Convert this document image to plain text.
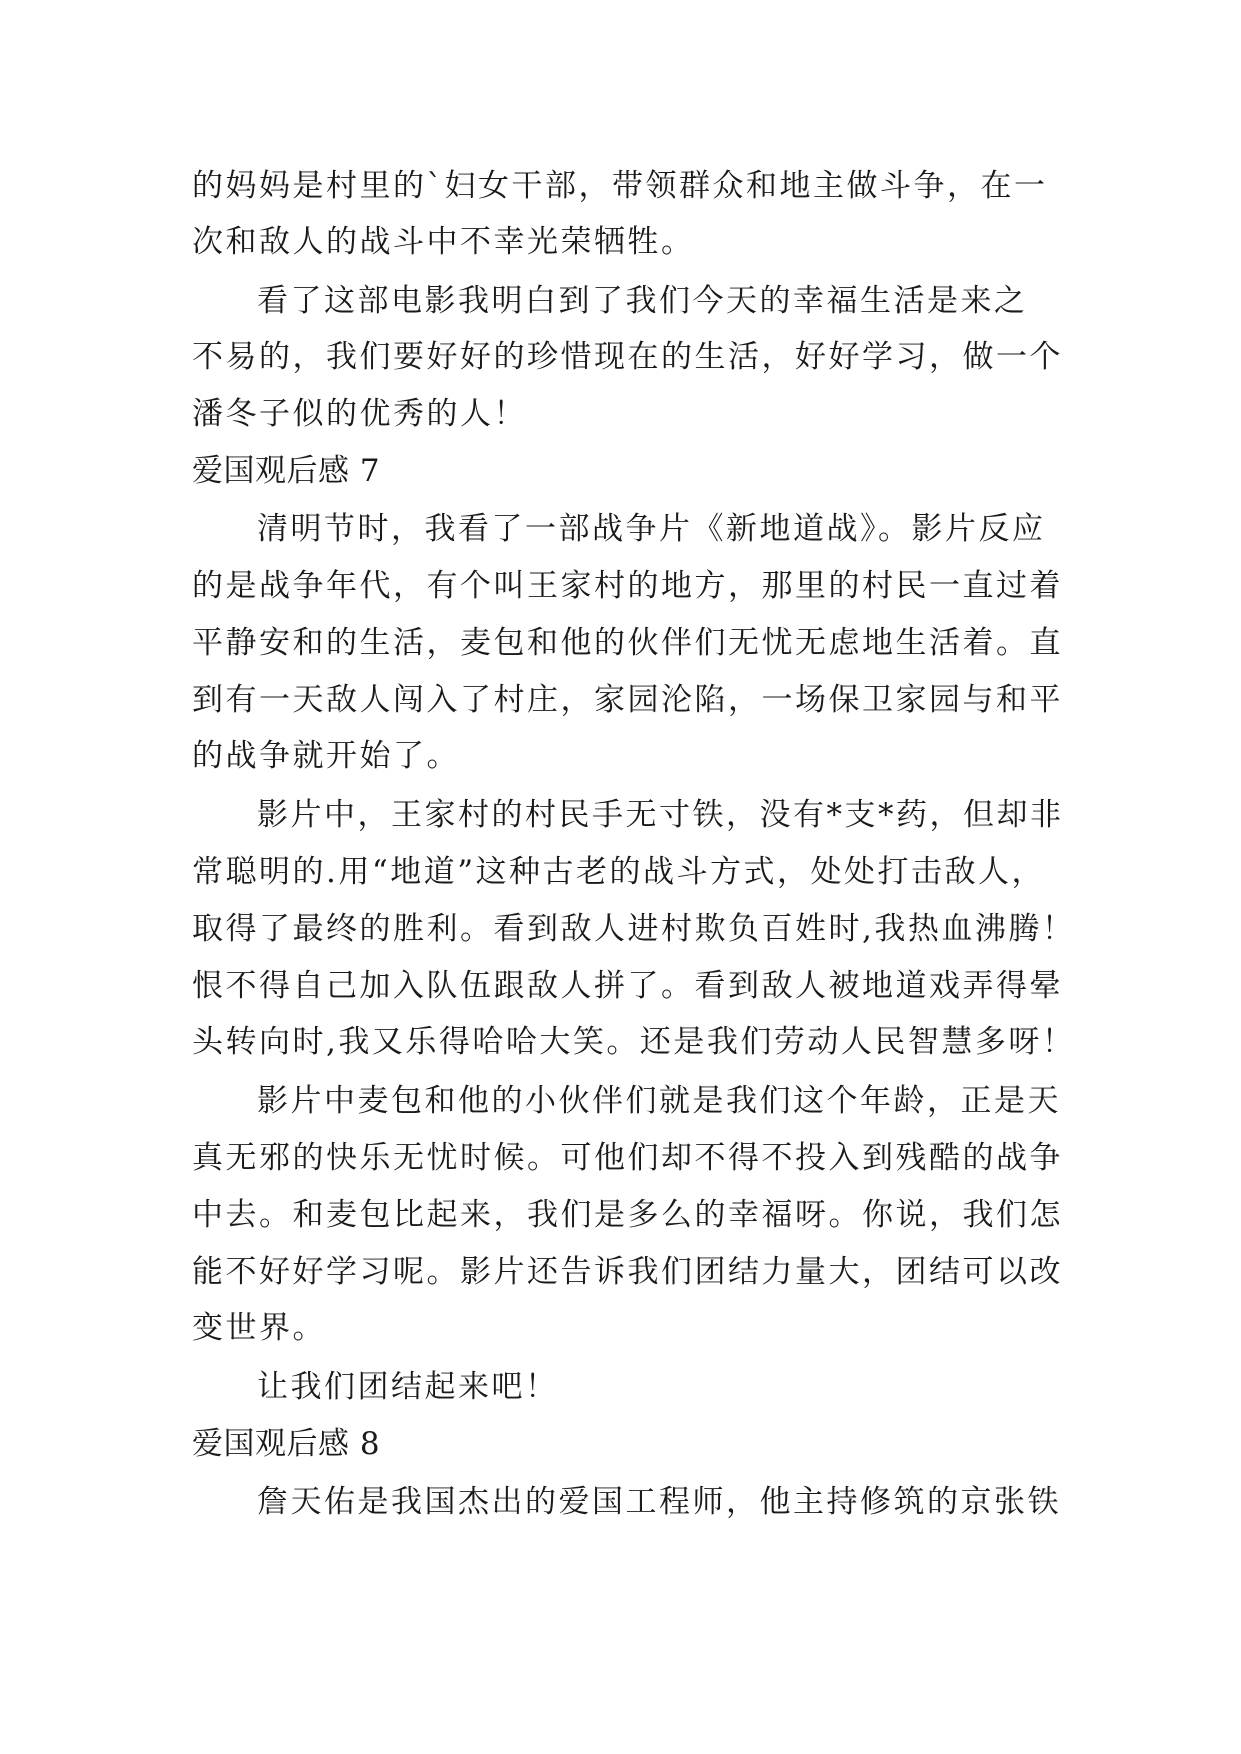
的妈妈是村里的`妇女干部，带领群众和地主做斗争，在一
次和敌人的战斗中不幸光荣牺牲。
看了这部电影我明白到了我们今天的幸福生活是来之
不易的，我们要好好的珍惜现在的生活，好好学习，做一个
潘冬子似的优秀的人！
爱国观后感 7
清明节时，我看了一部战争片《新地道战》。影片反应
的是战争年代，有个叫王家村的地方，那里的村民一直过着
平静安和的生活，麦包和他的伙伴们无忧无虑地生活着。直
到有一天敌人闯入了村庄，家园沦陷，一场保卫家园与和平
的战争就开始了。
影片中，王家村的村民手无寸铁，没有*支*药，但却非
常聪明的.用“地道”这种古老的战斗方式，处处打击敌人，
取得了最终的胜利。看到敌人进村欺负百姓时,我热血沸腾！
恨不得自己加入队伍跟敌人拼了。看到敌人被地道戏弄得晕
头转向时,我又乐得哈哈大笑。还是我们劳动人民智慧多呀！
影片中麦包和他的小伙伴们就是我们这个年龄，正是天
真无邪的快乐无忧时候。可他们却不得不投入到残酷的战争
中去。和麦包比起来，我们是多么的幸福呀。你说，我们怎
能不好好学习呢。影片还告诉我们团结力量大，团结可以改
变世界。
让我们团结起来吧！
爱国观后感 8
詹天佑是我国杰出的爱国工程师，他主持修筑的京张铁
